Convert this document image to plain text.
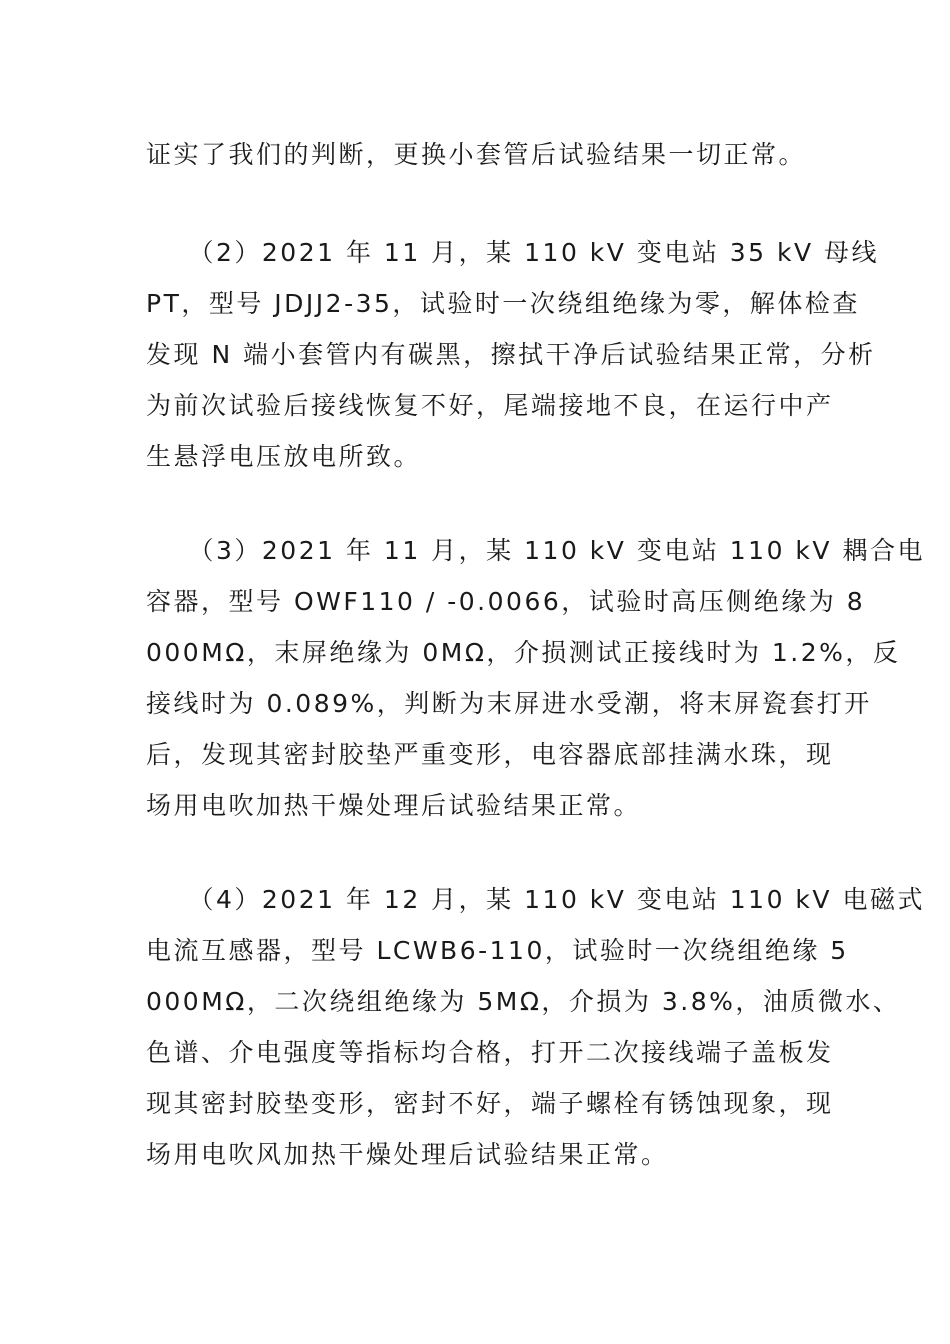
证实了我们的判断，更换小套管后试验结果一切正常。

　　（2）2021 年 11 月，某 110 kV 变电站 35 kV 母线
PT，型号 JDJJ2-35，试验时一次绕组绝缘为零，解体检查
发现 N 端小套管内有碳黑，擦拭干净后试验结果正常，分析
为前次试验后接线恢复不好，尾端接地不良，在运行中产
生悬浮电压放电所致。

　　（3）2021 年 11 月，某 110 kV 变电站 110 kV 耦合电
容器，型号 OWF110 / -0.0066，试验时高压侧绝缘为 8
000MΩ，末屏绝缘为 0MΩ，介损测试正接线时为 1.2%，反
接线时为 0.089%，判断为末屏进水受潮，将末屏瓷套打开
后，发现其密封胶垫严重变形，电容器底部挂满水珠，现
场用电吹加热干燥处理后试验结果正常。

　　（4）2021 年 12 月，某 110 kV 变电站 110 kV 电磁式
电流互感器，型号 LCWB6-110，试验时一次绕组绝缘 5
000MΩ，二次绕组绝缘为 5MΩ，介损为 3.8%，油质微水、
色谱、介电强度等指标均合格，打开二次接线端子盖板发
现其密封胶垫变形，密封不好，端子螺栓有锈蚀现象，现
场用电吹风加热干燥处理后试验结果正常。
